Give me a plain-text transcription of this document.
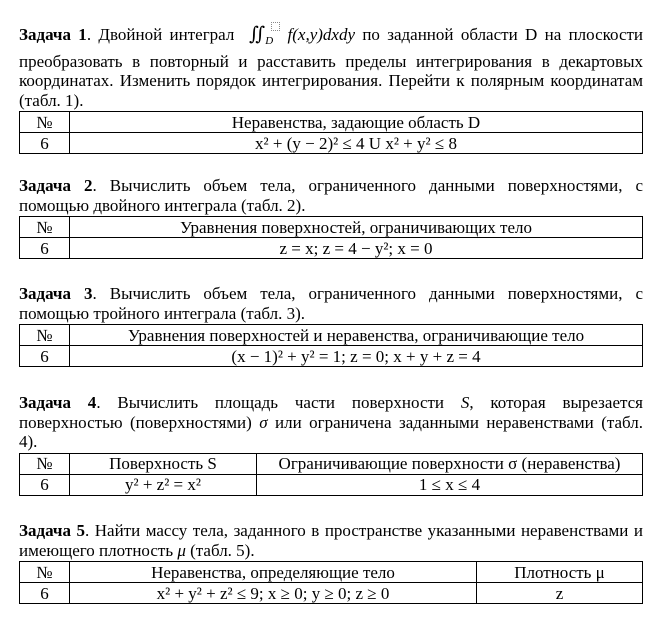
Задача 1. Двойной интеграл $∬_D$ f(x,y)dxdy по заданной области D на плоскости преобразовать в повторный и расставить пределы интегрирования в декартовых координатах. Изменить порядок интегрирования. Перейти к полярным координатам (табл. 1).

№	Неравенства, задающие область D
6	x² + (y − 2)² ≤ 4 U x² + y² ≤ 8

Задача 2. Вычислить объем тела, ограниченного данными поверхностями, с помощью двойного интеграла (табл. 2).

№	Уравнения поверхностей, ограничивающих тело
6	z = x; z = 4 − y²; x = 0

Задача 3. Вычислить объем тела, ограниченного данными поверхностями, с помощью тройного интеграла (табл. 3).

№	Уравнения поверхностей и неравенства, ограничивающие тело
6	(x − 1)² + y² = 1; z = 0; x + y + z = 4

Задача 4. Вычислить площадь части поверхности S, которая вырезается поверхностью (поверхностями) σ или ограничена заданными неравенствами (табл. 4).

№	Поверхность S	Ограничивающие поверхности σ (неравенства)
6	y² + z² = x²	1 ≤ x ≤ 4

Задача 5. Найти массу тела, заданного в пространстве указанными неравенствами и имеющего плотность μ (табл. 5).

№	Неравенства, определяющие тело	Плотность μ
6	x² + y² + z² ≤ 9; x ≥ 0; y ≥ 0; z ≥ 0	z
